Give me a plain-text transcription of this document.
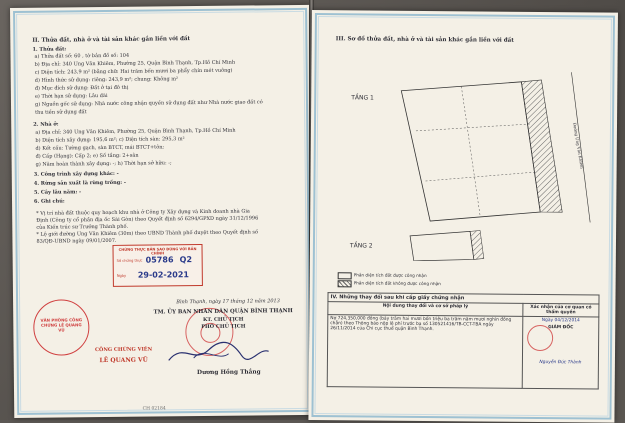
II. Thửa đất, nhà ở và tài sản khác gắn liền với đất
1. Thửa đất:
a) Thửa đất số: 60 , tờ bản đồ số: 104
b) Địa chỉ: 340 Ung Văn Khiêm, Phường 25, Quận Bình Thạnh, Tp.Hồ Chí Minh
c) Diện tích: 243,9 m² (bằng chữ: Hai trăm bốn mươi ba phẩy chín mét vuông)
d) Hình thức sử dụng: riêng: 243,9 m²; chung: Không m²
đ) Mục đích sử dụng: Đất ở tại đô thị
e) Thời hạn sử dụng: Lâu dài
g) Nguồn gốc sử dụng: Nhà nước công nhận quyền sử dụng đất như Nhà nước giao đất có
thu tiền sử dụng đất
2. Nhà ở:
a) Địa chỉ: 340 Ung Văn Khiêm, Phường 25, Quận Bình Thạnh, Tp.Hồ Chí Minh
b) Diện tích xây dựng: 195,6 m²; c) Diện tích sàn: 295,3 m²
d) Kết cấu: Tường gạch, sàn BTCT, mái BTCT+tôn;
đ) Cấp (Hạng): Cấp 2; e) Số tầng: 2+sân
g) Năm hoàn thành xây dựng: -; h) Thời hạn sở hữu: -;
3. Công trình xây dựng khác: -
4. Rừng sản xuất là rừng trồng: -
5. Cây lâu năm: -
6. Ghi chú:
* Vị trí nhà đất thuộc quy hoạch khu nhà ở Công ty Xây dựng và Kinh doanh nhà Gia
Định (Công ty cổ phần địa ốc Sài Gòn) theo Quyết định số 6294/GPXD ngày 31/12/1996
của Kiến trúc sư Trưởng Thành phố.
* Lộ giới đường Ung Văn Khiêm (30m) theo UBND Thành phố duyệt theo Quyết định số
83/QĐ-UBND ngày 09/01/2007.
CHỨNG THỰC BẢN SAO ĐÚNG VỚI BẢN CHÍNH
Số chứng thực 05786 Q2
Ngày 29-02-2021
VĂN PHÒNG CÔNG CHỨNG LÊ QUANG VŨ
Bình Thạnh, ngày 17 tháng 12 năm 2013
TM. ỦY BAN NHÂN DÂN QUẬN BÌNH THẠNH
KT. CHỦ TỊCH
PHÓ CHỦ TỊCH
CÔNG CHỨNG VIÊN
LÊ QUANG VŨ
Dương Hồng Thắng
CH 02184
III. Sơ đồ thửa đất, nhà ở và tài sản khác gắn liền với đất
TẦNG 1
TẦNG 2
Đường Ung Văn Khiêm
Phần diện tích đất được công nhận
Phần diện tích đất không được công nhận
IV. Những thay đổi sau khi cấp giấy chứng nhận	
Nội dung thay đổi và cơ sở pháp lý	Xác nhận của cơ quan có thẩm quyền
Nợ 724,350,000 đồng (bảy trăm hai mươi bốn triệu ba trăm năm mươi nghìn đồng chẵn) theo Thông báo nộp lệ phí trước bạ số 130521416/TB-CCT-TBA ngày 26/11/2014 của Chi cục thuế quận Bình Thạnh.	Ngày 04/12/2014
GIÁM ĐỐC
Nguyễn Đức Thành
